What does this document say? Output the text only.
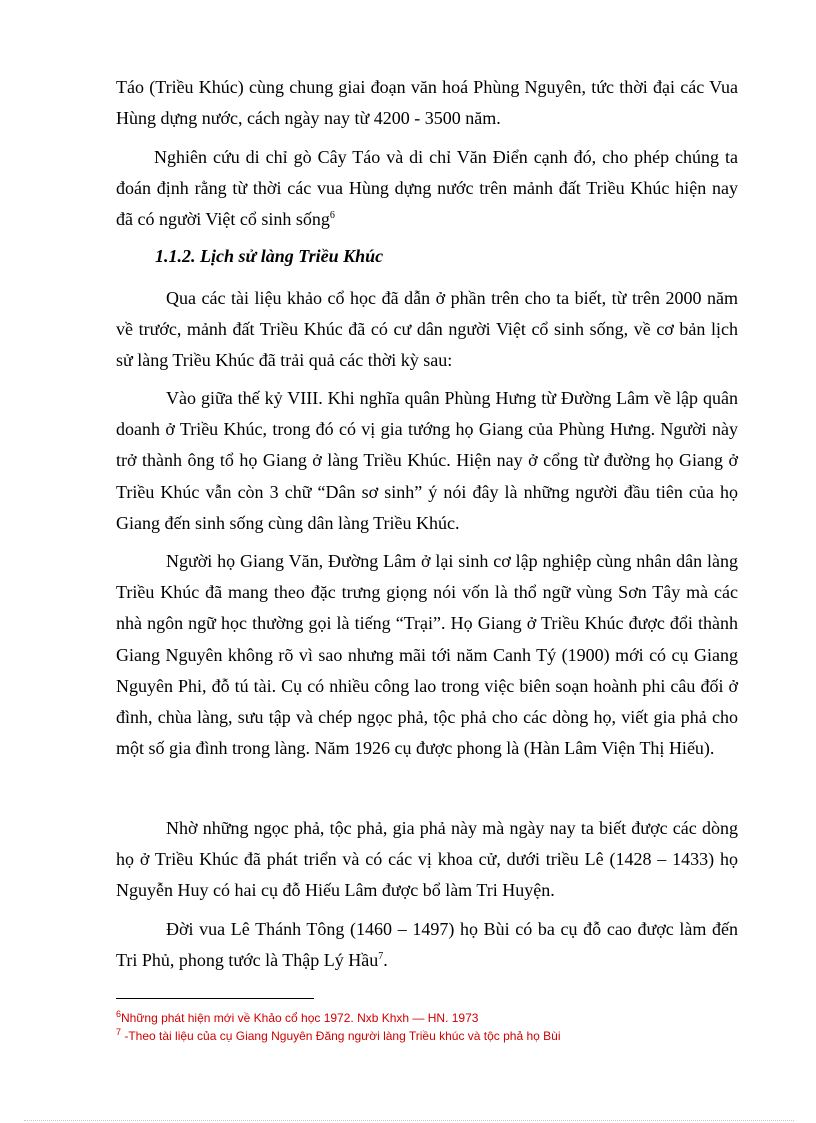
Táo (Triều Khúc) cùng chung giai đoạn văn hoá Phùng Nguyên, tức thời đại các Vua Hùng dựng nước, cách ngày nay từ 4200 - 3500 năm.

Nghiên cứu di chỉ gò Cây Táo và di chỉ Văn Điển cạnh đó, cho phép chúng ta đoán định rằng từ thời các vua Hùng dựng nước trên mảnh đất Triều Khúc hiện nay đã có người Việt cổ sinh sống$^6$

1.1.2. Lịch sử làng Triều Khúc

Qua các tài liệu khảo cổ học đã dẫn ở phần trên cho ta biết, từ trên 2000 năm về trước, mảnh đất Triều Khúc đã có cư dân người Việt cổ sinh sống, về cơ bản lịch sử làng Triều Khúc đã trải quả các thời kỳ sau:

Vào giữa thế kỷ VIII. Khi nghĩa quân Phùng Hưng từ Đường Lâm về lập quân doanh ở Triều Khúc, trong đó có vị gia tướng họ Giang của Phùng Hưng. Người này trở thành ông tổ họ Giang ở làng Triều Khúc. Hiện nay ở cổng từ đường họ Giang ở Triều Khúc vẫn còn 3 chữ “Dân sơ sinh” ý nói đây là những người đầu tiên của họ Giang đến sinh sống cùng dân làng Triều Khúc.

Người họ Giang Văn, Đường Lâm ở lại sinh cơ lập nghiệp cùng nhân dân làng Triều Khúc đã mang theo đặc trưng giọng nói vốn là thổ ngữ vùng Sơn Tây mà các nhà ngôn ngữ học thường gọi là tiếng “Trại”. Họ Giang ở Triều Khúc được đổi thành Giang Nguyên không rõ vì sao nhưng mãi tới năm Canh Tý (1900) mới có cụ Giang Nguyên Phi, đỗ tú tài. Cụ có nhiều công lao trong việc biên soạn hoành phi câu đối ở đình, chùa làng, sưu tập và chép ngọc phả, tộc phả cho các dòng họ, viết gia phả cho một số gia đình trong làng. Năm 1926 cụ được phong là (Hàn Lâm Viện Thị Hiếu).

Nhờ những ngọc phả, tộc phả, gia phả này mà ngày nay ta biết được các dòng họ ở Triều Khúc đã phát triển và có các vị khoa cử, dưới triều Lê (1428 – 1433) họ Nguyễn Huy có hai cụ đỗ Hiếu Lâm được bổ làm Tri Huyện.

Đời vua Lê Thánh Tông (1460 – 1497) họ Bùi có ba cụ đỗ cao được làm đến Tri Phủ, phong tước là Thập Lý Hầu$^7$.

$^6$Những phát hiện mới về Khảo cổ học 1972. Nxb Khxh — HN. 1973

$^7$ -Theo tài liệu của cụ Giang Nguyên Đăng người làng Triều khúc và tộc phả họ Bùi
